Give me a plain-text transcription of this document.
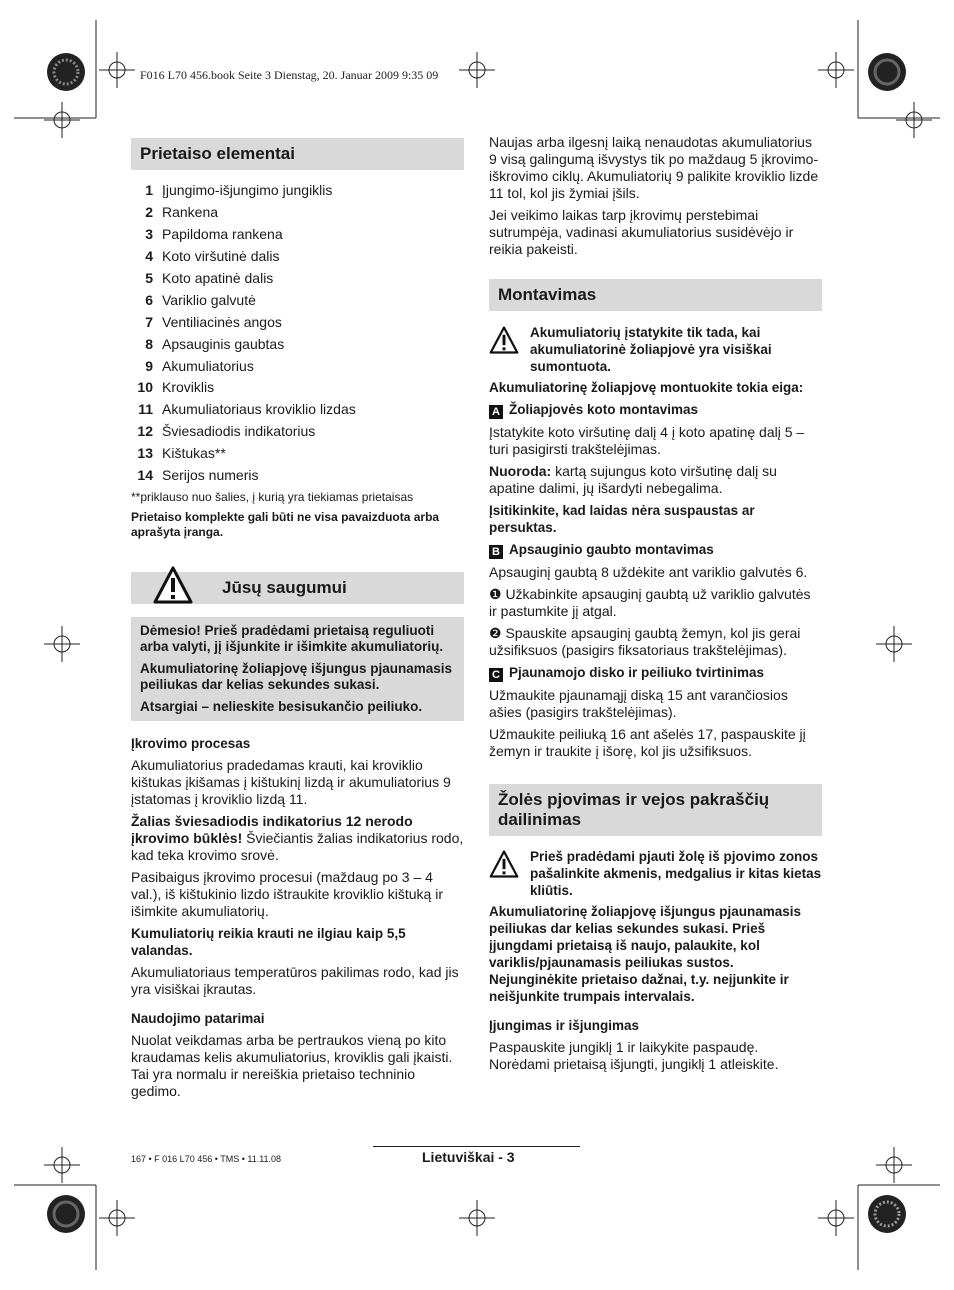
F016 L70 456.book Seite 3 Dienstag, 20. Januar 2009 9:35 09
Prietaiso elementai
1 Įjungimo-išjungimo jungiklis
2 Rankena
3 Papildoma rankena
4 Koto viršutinė dalis
5 Koto apatinė dalis
6 Variklio galvutė
7 Ventiliacinės angos
8 Apsauginis gaubtas
9 Akumuliatorius
10 Kroviklis
11 Akumuliatoriaus kroviklio lizdas
12 Šviesadiodis indikatorius
13 Kištukas**
14 Serijos numeris

**priklauso nuo šalies, į kurią yra tiekiamas prietaisas

Prietaiso komplekte gali būti ne visa pavaizduota arba aprašyta įranga.

Jūsų saugumui

Dėmesio! Prieš pradėdami prietaisą reguliuoti arba valyti, jį išjunkite ir išimkite akumuliatorių.

Akumuliatorinę žoliapjovę išjungus pjaunamasis peiliukas dar kelias sekundes sukasi.

Atsargiai – nelieskite besisukančio peiliuko.

Įkrovimo procesas

Akumuliatorius pradedamas krauti, kai kroviklio kištukas įkišamas į kištukinį lizdą ir akumuliatorius 9 įstatomas į kroviklio lizdą 11.

Žalias šviesadiodis indikatorius 12 nerodo įkrovimo būklės! Šviečiantis žalias indikatorius rodo, kad teka krovimo srovė.

Pasibaigus įkrovimo procesui (maždaug po 3 – 4 val.), iš kištukinio lizdo ištraukite kroviklio kištuką ir išimkite akumuliatorių.

Kumuliatorių reikia krauti ne ilgiau kaip 5,5 valandas.

Akumuliatoriaus temperatūros pakilimas rodo, kad jis yra visiškai įkrautas.

Naudojimo patarimai

Nuolat veikdamas arba be pertraukos vieną po kito kraudamas kelis akumuliatorius, kroviklis gali įkaisti. Tai yra normalu ir nereiškia prietaiso techninio gedimo.

Naujas arba ilgesnį laiką nenaudotas akumuliatorius 9 visą galingumą išvystys tik po maždaug 5 įkrovimo-iškrovimo ciklų. Akumuliatorių 9 palikite kroviklio lizde 11 tol, kol jis žymiai įšils.

Jei veikimo laikas tarp įkrovimų perstebimai sutrumpėja, vadinasi akumuliatorius susidėvėjo ir reikia pakeisti.

Montavimas

Akumuliatorių įstatykite tik tada, kai akumuliatorinė žoliapjovė yra visiškai sumontuota.

Akumuliatorinę žoliapjovę montuokite tokia eiga:

A Žoliapjovės koto montavimas

Įstatykite koto viršutinę dalį 4 į koto apatinę dalį 5 – turi pasigirsti trakštelėjimas.

Nuoroda: kartą sujungus koto viršutinę dalį su apatine dalimi, jų išardyti nebegalima.

Įsitikinkite, kad laidas nėra suspaustas ar persuktas.

B Apsauginio gaubto montavimas

Apsauginį gaubtą 8 uždėkite ant variklio galvutės 6.

❶ Užkabinkite apsauginį gaubtą už variklio galvutės ir pastumkite jį atgal.

❷ Spauskite apsauginį gaubtą žemyn, kol jis gerai užsifiksuos (pasigirs fiksatoriaus trakštelėjimas).

C Pjaunamojo disko ir peiliuko tvirtinimas

Užmaukite pjaunamąjį diską 15 ant varančiosios ašies (pasigirs trakštelėjimas).

Užmaukite peiliuką 16 ant ašelės 17, paspauskite jį žemyn ir traukite į išorę, kol jis užsifiksuos.

Žolės pjovimas ir vejos pakraščių dailinimas

Prieš pradėdami pjauti žolę iš pjovimo zonos pašalinkite akmenis, medgalius ir kitas kietas kliūtis.

Akumuliatorinę žoliapjovę išjungus pjaunamasis peiliukas dar kelias sekundes sukasi. Prieš įjungdami prietaisą iš naujo, palaukite, kol variklis/pjaunamasis peiliukas sustos.

Nejunginėkite prietaiso dažnai, t.y. neįjunkite ir neišjunkite trumpais intervalais.

Įjungimas ir išjungimas

Paspauskite jungiklį 1 ir laikykite paspaudę. Norėdami prietaisą išjungti, jungiklį 1 atleiskite.

167 • F 016 L70 456 • TMS • 11.11.08	Lietuviškai - 3
